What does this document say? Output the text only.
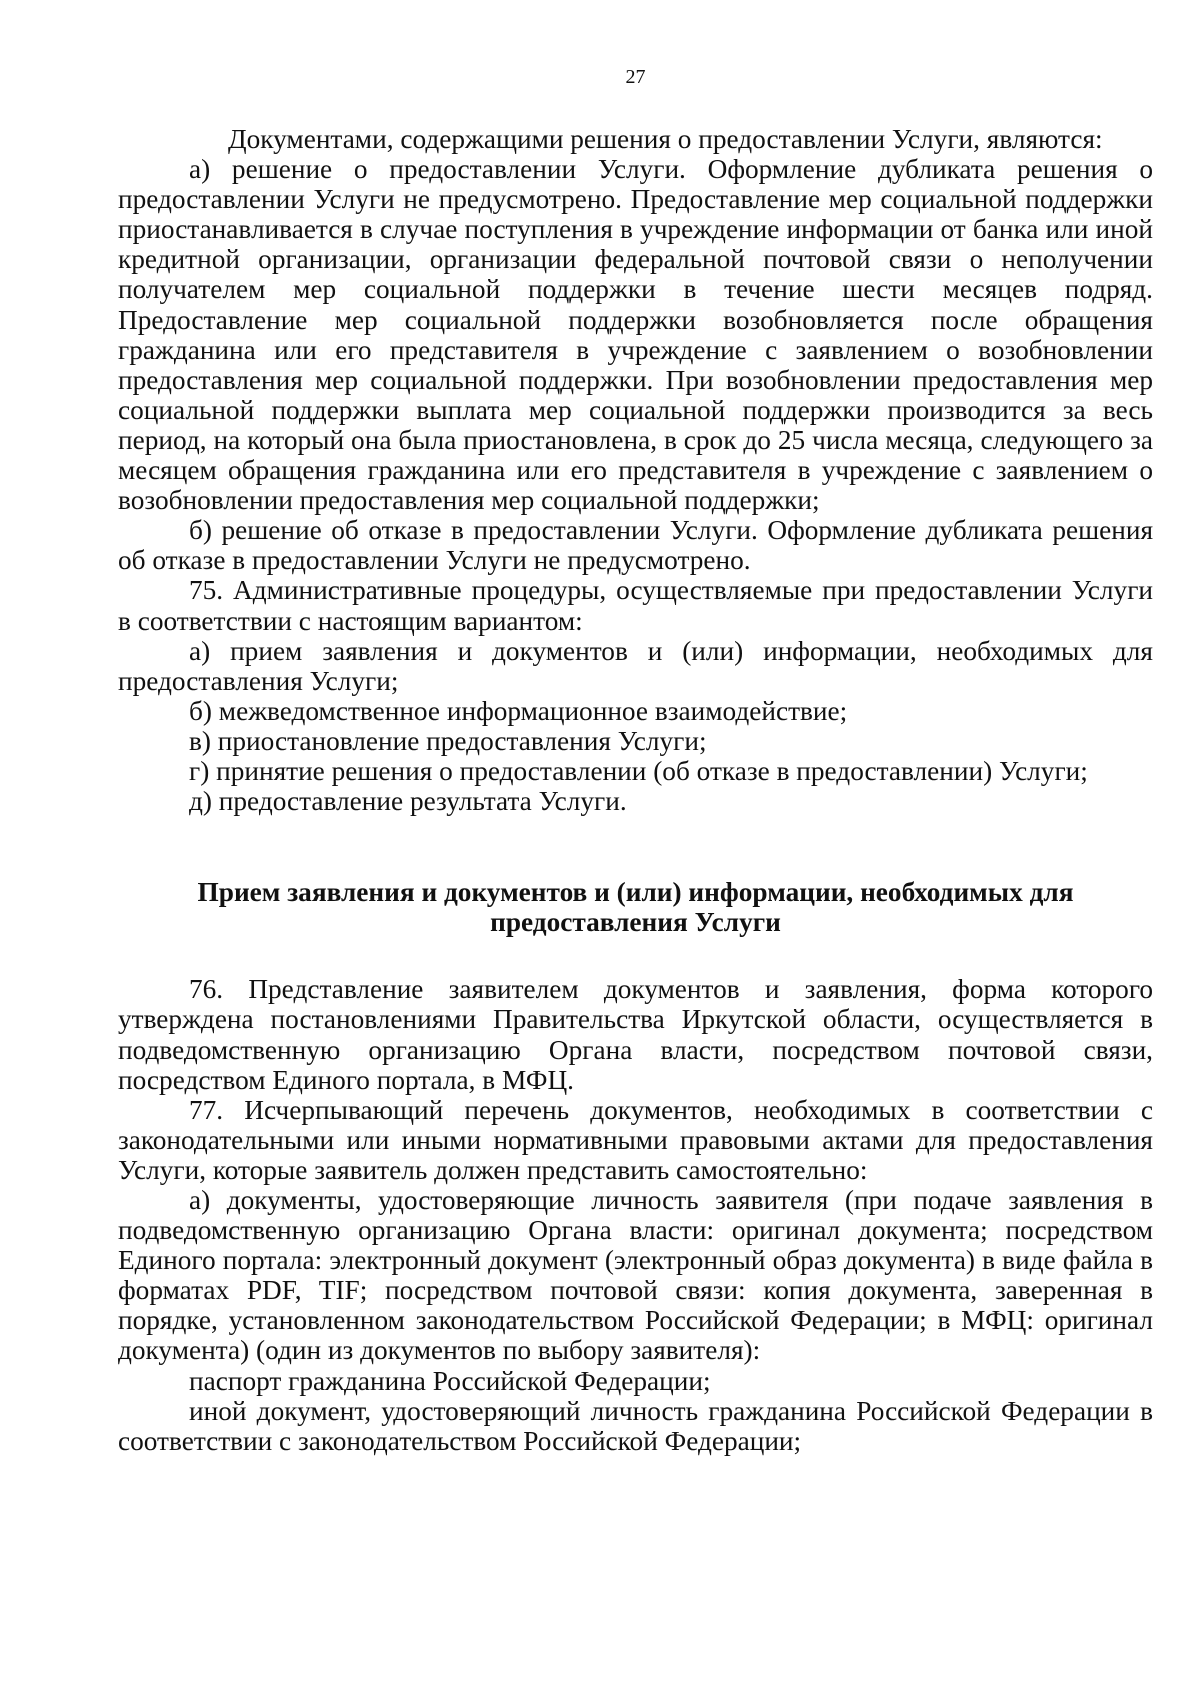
27

Документами, содержащими решения о предоставлении Услуги, являются:

а) решение о предоставлении Услуги. Оформление дубликата решения о предоставлении Услуги не предусмотрено. Предоставление мер социальной поддержки приостанавливается в случае поступления в учреждение информации от банка или иной кредитной организации, организации федеральной почтовой связи о неполучении получателем мер социальной поддержки в течение шести месяцев подряд. Предоставление мер социальной поддержки возобновляется после обращения гражданина или его представителя в учреждение с заявлением о возобновлении предоставления мер социальной поддержки. При возобновлении предоставления мер социальной поддержки выплата мер социальной поддержки производится за весь период, на который она была приостановлена, в срок до 25 числа месяца, следующего за месяцем обращения гражданина или его представителя в учреждение с заявлением о возобновлении предоставления мер социальной поддержки;

б) решение об отказе в предоставлении Услуги. Оформление дубликата решения об отказе в предоставлении Услуги не предусмотрено.

75. Административные процедуры, осуществляемые при предоставлении Услуги в соответствии с настоящим вариантом:

а) прием заявления и документов и (или) информации, необходимых для предоставления Услуги;

б) межведомственное информационное взаимодействие;

в) приостановление предоставления Услуги;

г) принятие решения о предоставлении (об отказе в предоставлении) Услуги;

д) предоставление результата Услуги.

Прием заявления и документов и (или) информации, необходимых для предоставления Услуги

76. Представление заявителем документов и заявления, форма которого утверждена постановлениями Правительства Иркутской области, осуществляется в подведомственную организацию Органа власти, посредством почтовой связи, посредством Единого портала, в МФЦ.

77. Исчерпывающий перечень документов, необходимых в соответствии с законодательными или иными нормативными правовыми актами для предоставления Услуги, которые заявитель должен представить самостоятельно:

а) документы, удостоверяющие личность заявителя (при подаче заявления в подведомственную организацию Органа власти: оригинал документа; посредством Единого портала: электронный документ (электронный образ документа) в виде файла в форматах PDF, TIF; посредством почтовой связи: копия документа, заверенная в порядке, установленном законодательством Российской Федерации; в МФЦ: оригинал документа) (один из документов по выбору заявителя):

паспорт гражданина Российской Федерации;

иной документ, удостоверяющий личность гражданина Российской Федерации в соответствии с законодательством Российской Федерации;
